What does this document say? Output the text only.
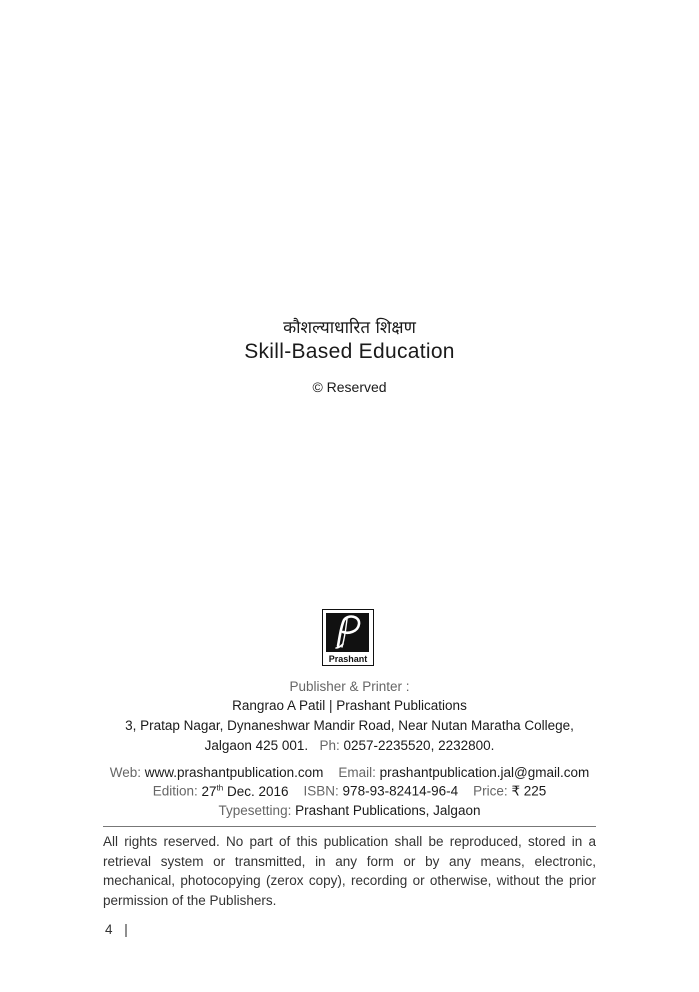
कौशल्याधारित शिक्षण
Skill-Based Education
© Reserved
Prashant
Publisher & Printer :
Rangrao A Patil | Prashant Publications
3, Pratap Nagar, Dynaneshwar Mandir Road, Near Nutan Maratha College,
Jalgaon 425 001. Ph: 0257-2235520, 2232800.
Web: www.prashantpublication.com Email: prashantpublication.jal@gmail.com
Edition: 27th Dec. 2016 ISBN: 978-93-82414-96-4 Price: ₹ 225
Typesetting: Prashant Publications, Jalgaon
All rights reserved. No part of this publication shall be reproduced, stored in a retrieval system or transmitted, in any form or by any means, electronic, mechanical, photocopying (zerox copy), recording or otherwise, without the prior permission of the Publishers.
4 |
